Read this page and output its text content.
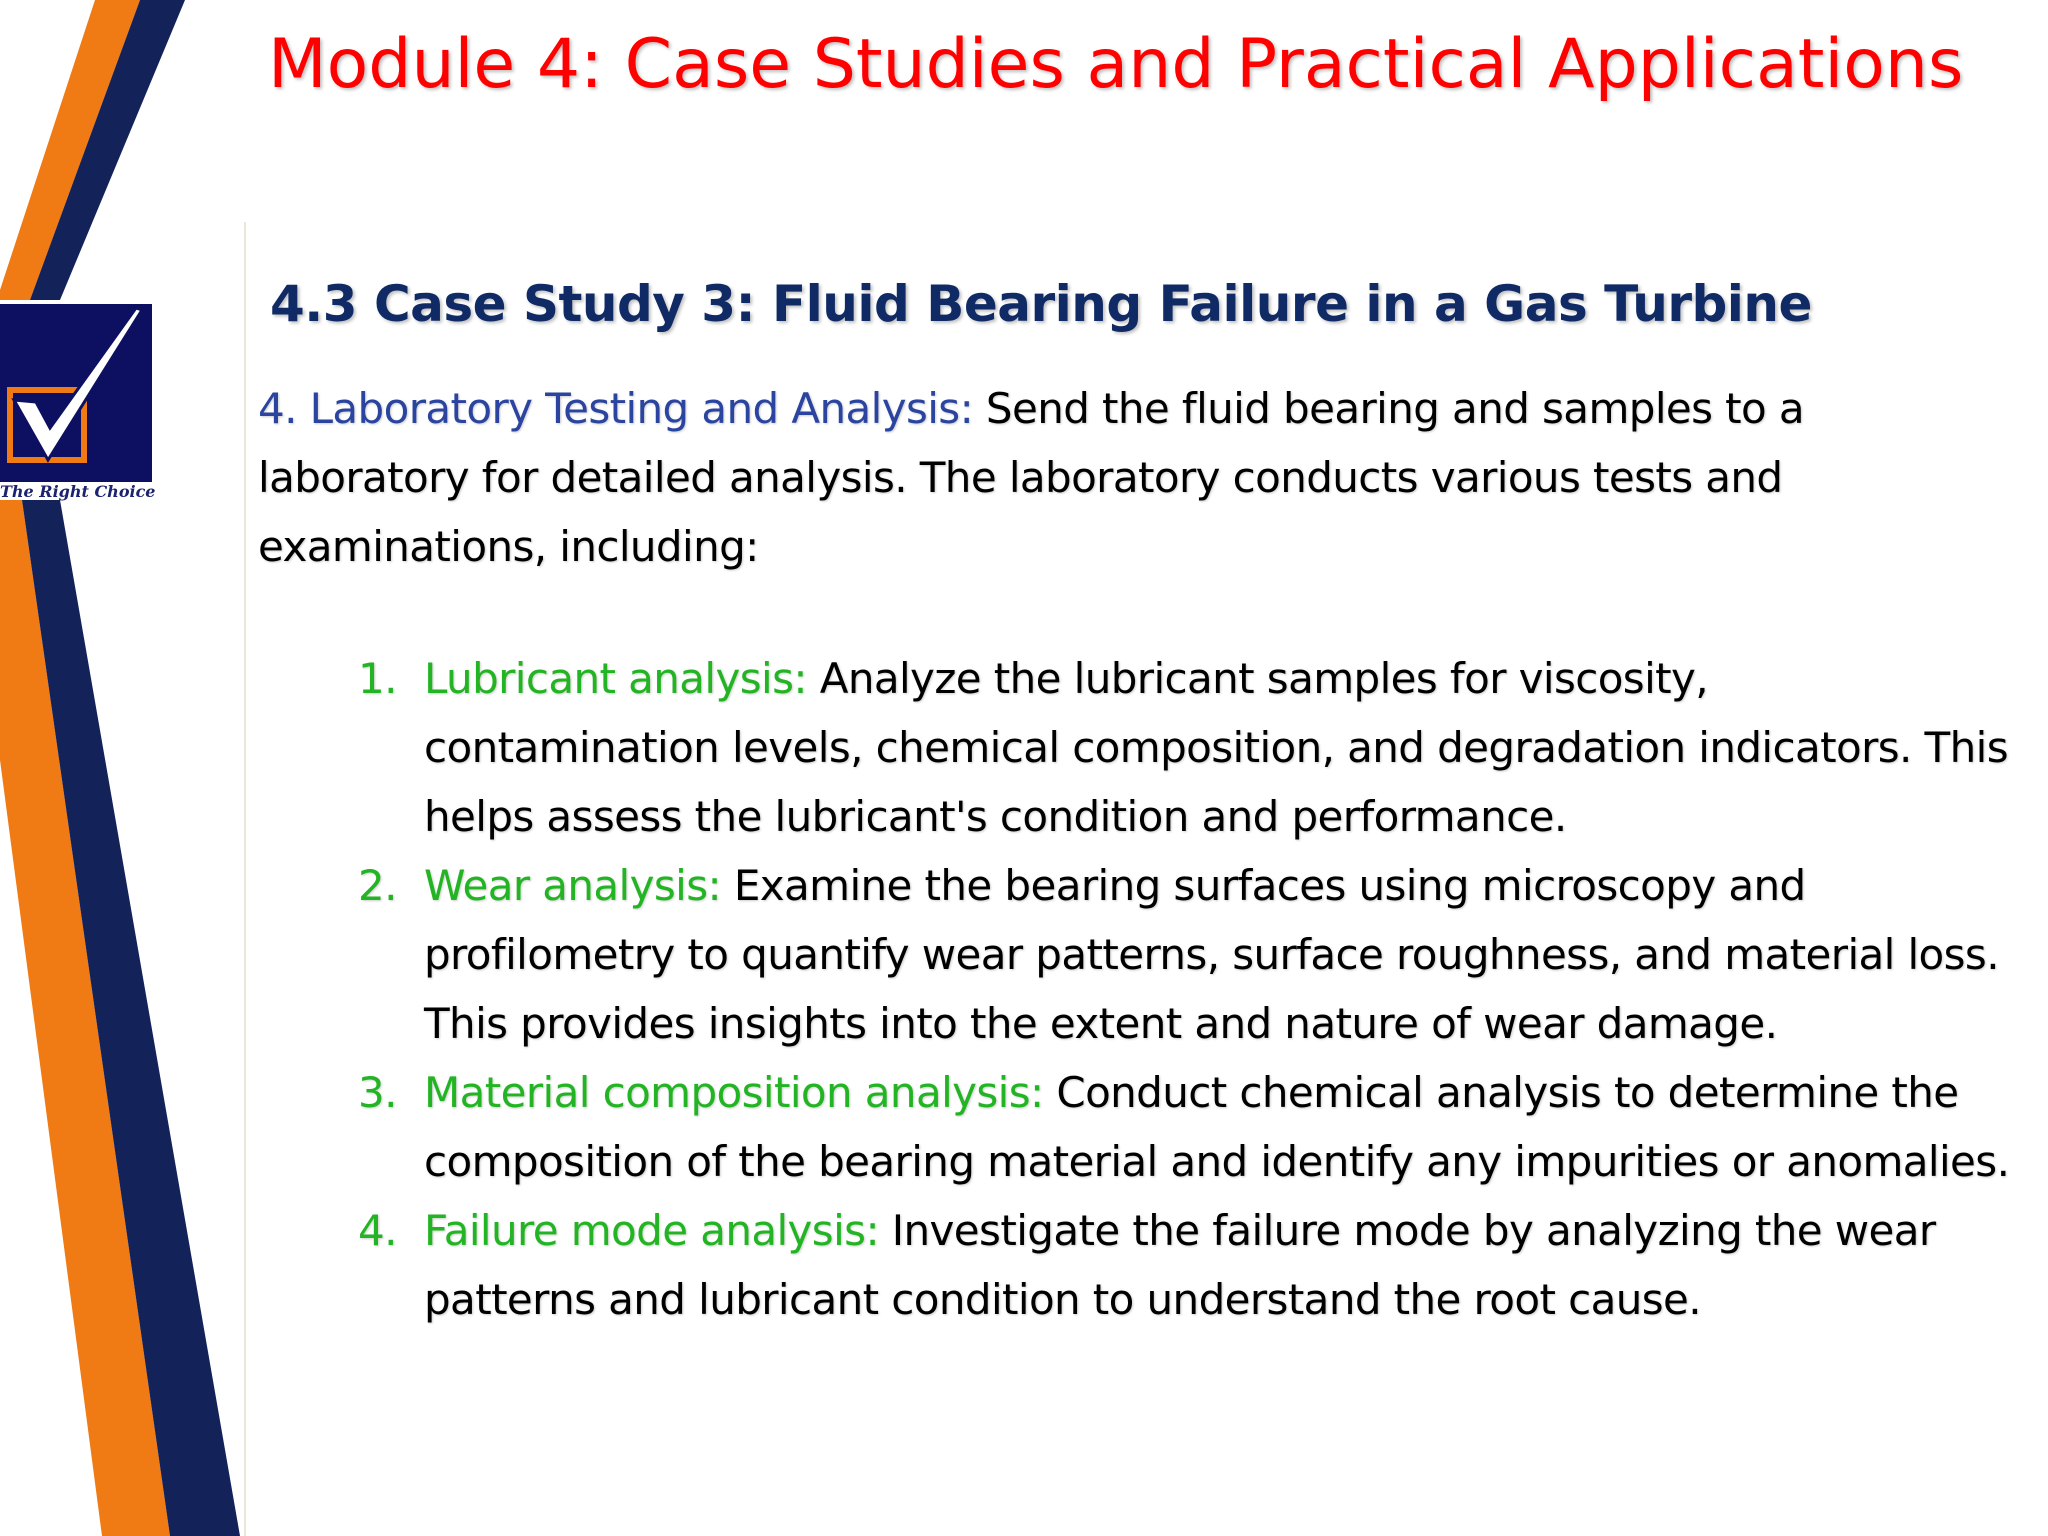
The Right Choice
Module 4: Case Studies and Practical Applications
4.3 Case Study 3: Fluid Bearing Failure in a Gas Turbine

4. Laboratory Testing and Analysis: Send the fluid bearing and samples to a laboratory for detailed analysis. The laboratory conducts various tests and examinations, including:

1. Lubricant analysis: Analyze the lubricant samples for viscosity, contamination levels, chemical composition, and degradation indicators. This helps assess the lubricant's condition and performance.
2. Wear analysis: Examine the bearing surfaces using microscopy and profilometry to quantify wear patterns, surface roughness, and material loss. This provides insights into the extent and nature of wear damage.
3. Material composition analysis: Conduct chemical analysis to determine the composition of the bearing material and identify any impurities or anomalies.
4. Failure mode analysis: Investigate the failure mode by analyzing the wear patterns and lubricant condition to understand the root cause.
